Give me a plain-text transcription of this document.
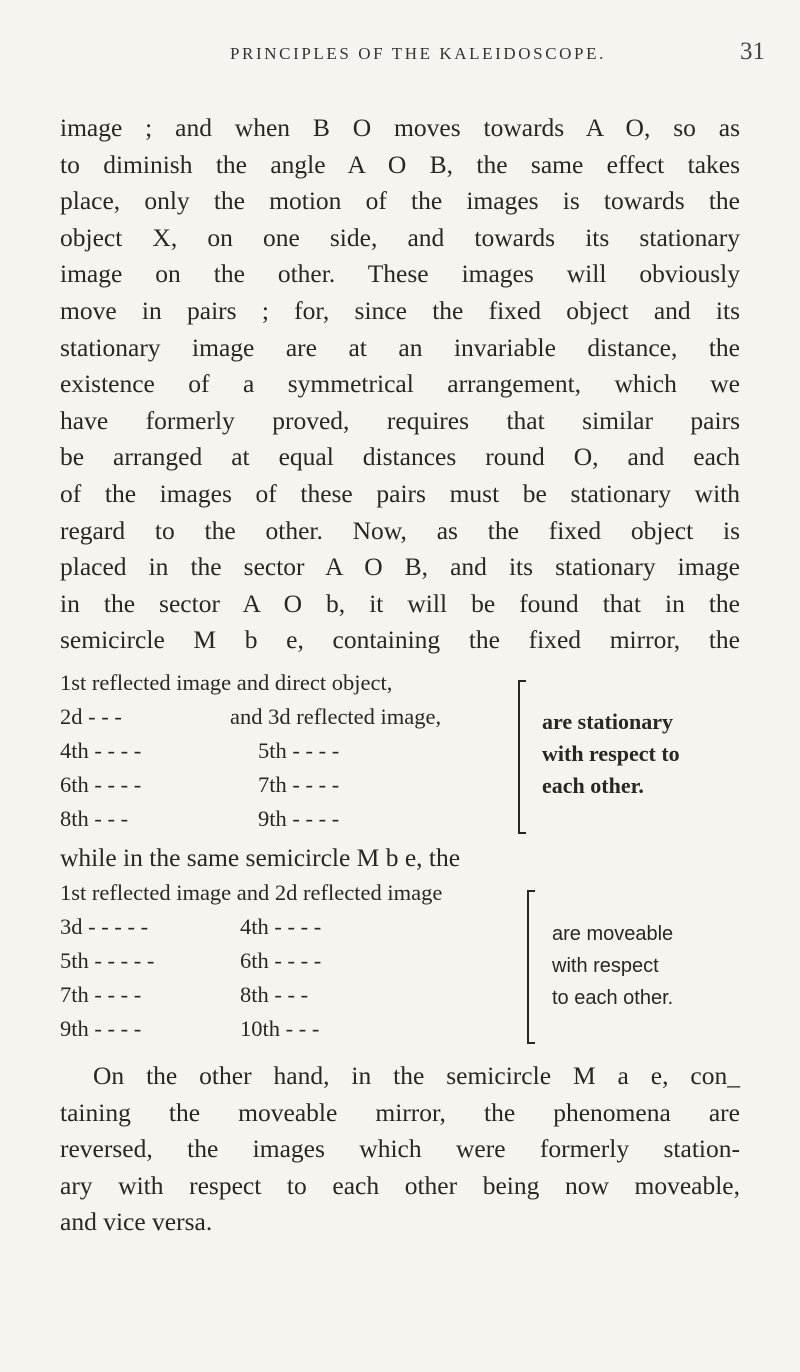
PRINCIPLES OF THE KALEIDOSCOPE.	31
image ; and when B O moves towards A O, so as
to diminish the angle A O B, the same effect takes
place, only the motion of the images is towards the
object X, on one side, and towards its stationary
image on the other. These images will obviously
move in pairs ; for, since the fixed object and its
stationary image are at an invariable distance, the
existence of a symmetrical arrangement, which we
have formerly proved, requires that similar pairs
be arranged at equal distances round O, and each
of the images of these pairs must be stationary with
regard to the other. Now, as the fixed object is
placed in the sector A O B, and its stationary image
in the sector A O b, it will be found that in the
semicircle M b e, containing the fixed mirror, the
1st reflected image and direct object,
2d - - -	and 3d reflected image,
4th - - - -	5th - - - -
6th - - - -	7th - - - -
8th - - -	9th - - - -
are stationary
with respect to
each other.
while in the same semicircle M b e, the
1st reflected image and 2d reflected image
3d - - - - -	4th - - - -
5th - - - - -	6th - - - -
7th - - - -	8th - - -
9th - - - -	10th - - -
are moveable
with respect
to each other.
On the other hand, in the semicircle M a e, con_
taining the moveable mirror, the phenomena are
reversed, the images which were formerly station-
ary with respect to each other being now moveable,
and vice versa.
